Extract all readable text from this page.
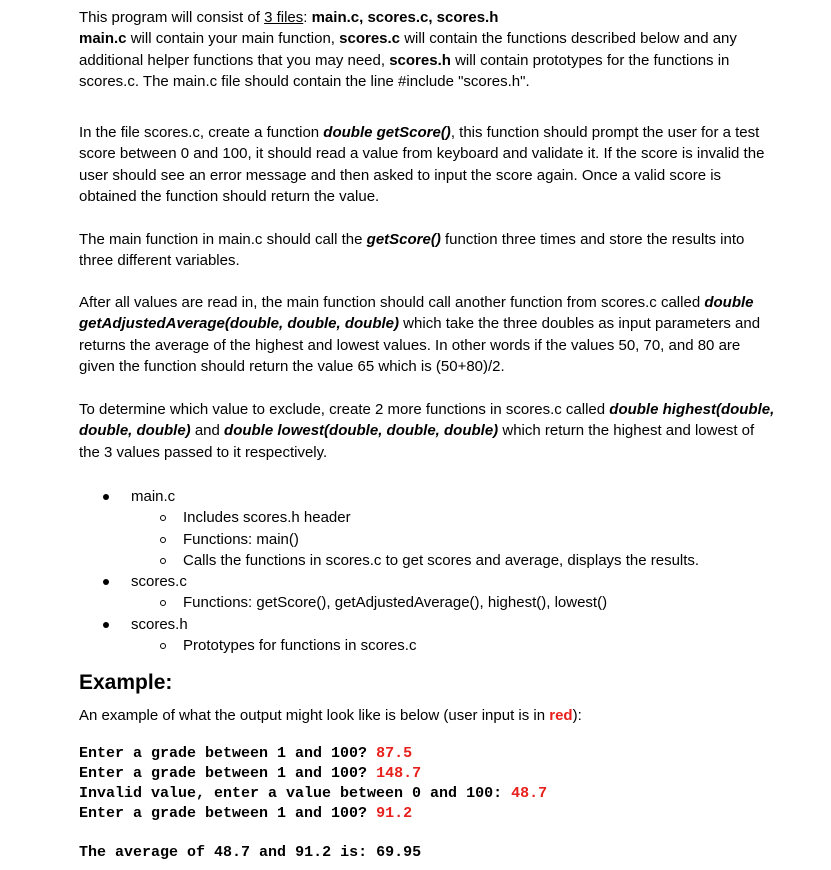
This program will consist of 3 files: main.c, scores.c, scores.h
main.c will contain your main function, scores.c will contain the functions described below and any additional helper functions that you may need, scores.h will contain prototypes for the functions in scores.c. The main.c file should contain the line #include "scores.h".

In the file scores.c, create a function double getScore(), this function should prompt the user for a test score between 0 and 100, it should read a value from keyboard and validate it. If the score is invalid the user should see an error message and then asked to input the score again. Once a valid score is obtained the function should return the value.

The main function in main.c should call the getScore() function three times and store the results into three different variables.

After all values are read in, the main function should call another function from scores.c called double getAdjustedAverage(double, double, double) which take the three doubles as input parameters and returns the average of the highest and lowest values. In other words if the values 50, 70, and 80 are given the function should return the value 65 which is (50+80)/2.

To determine which value to exclude, create 2 more functions in scores.c called double highest(double, double, double) and double lowest(double, double, double) which return the highest and lowest of the 3 values passed to it respectively.

main.c
Includes scores.h header
Functions: main()
Calls the functions in scores.c to get scores and average, displays the results.
scores.c
Functions: getScore(), getAdjustedAverage(), highest(), lowest()
scores.h
Prototypes for functions in scores.c
Example:

An example of what the output might look like is below (user input is in red):

Enter a grade between 1 and 100? 87.5
Enter a grade between 1 and 100? 148.7
Invalid value, enter a value between 0 and 100: 48.7
Enter a grade between 1 and 100? 91.2
The average of 48.7 and 91.2 is: 69.95
